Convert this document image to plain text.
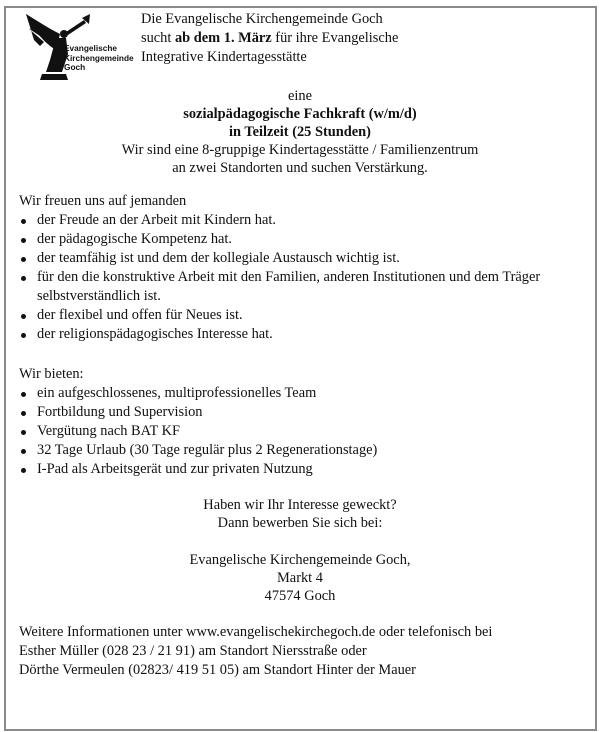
Evangelische
Kirchengemeinde
Goch
Die Evangelische Kirchengemeinde Goch
sucht ab dem 1. März für ihre Evangelische
Integrative Kindertagesstätte
eine
sozialpädagogische Fachkraft (w/m/d)
in Teilzeit (25 Stunden)
Wir sind eine 8-gruppige Kindertagesstätte / Familienzentrum
an zwei Standorten und suchen Verstärkung.
Wir freuen uns auf jemanden
der Freude an der Arbeit mit Kindern hat.
der pädagogische Kompetenz hat.
der teamfähig ist und dem der kollegiale Austausch wichtig ist.
für den die konstruktive Arbeit mit den Familien, anderen Institutionen und dem Träger selbstverständlich ist.
der flexibel und offen für Neues ist.
der religionspädagogisches Interesse hat.
Wir bieten:
ein aufgeschlossenes, multiprofessionelles Team
Fortbildung und Supervision
Vergütung nach BAT KF
32 Tage Urlaub (30 Tage regulär plus 2 Regenerationstage)
I-Pad als Arbeitsgerät und zur privaten Nutzung
Haben wir Ihr Interesse geweckt?
Dann bewerben Sie sich bei:
Evangelische Kirchengemeinde Goch,
Markt 4
47574 Goch
Weitere Informationen unter www.evangelischekirchegoch.de oder telefonisch bei
Esther Müller (028 23 / 21 91) am Standort Niersstraße oder
Dörthe Vermeulen (02823/ 419 51 05) am Standort Hinter der Mauer
